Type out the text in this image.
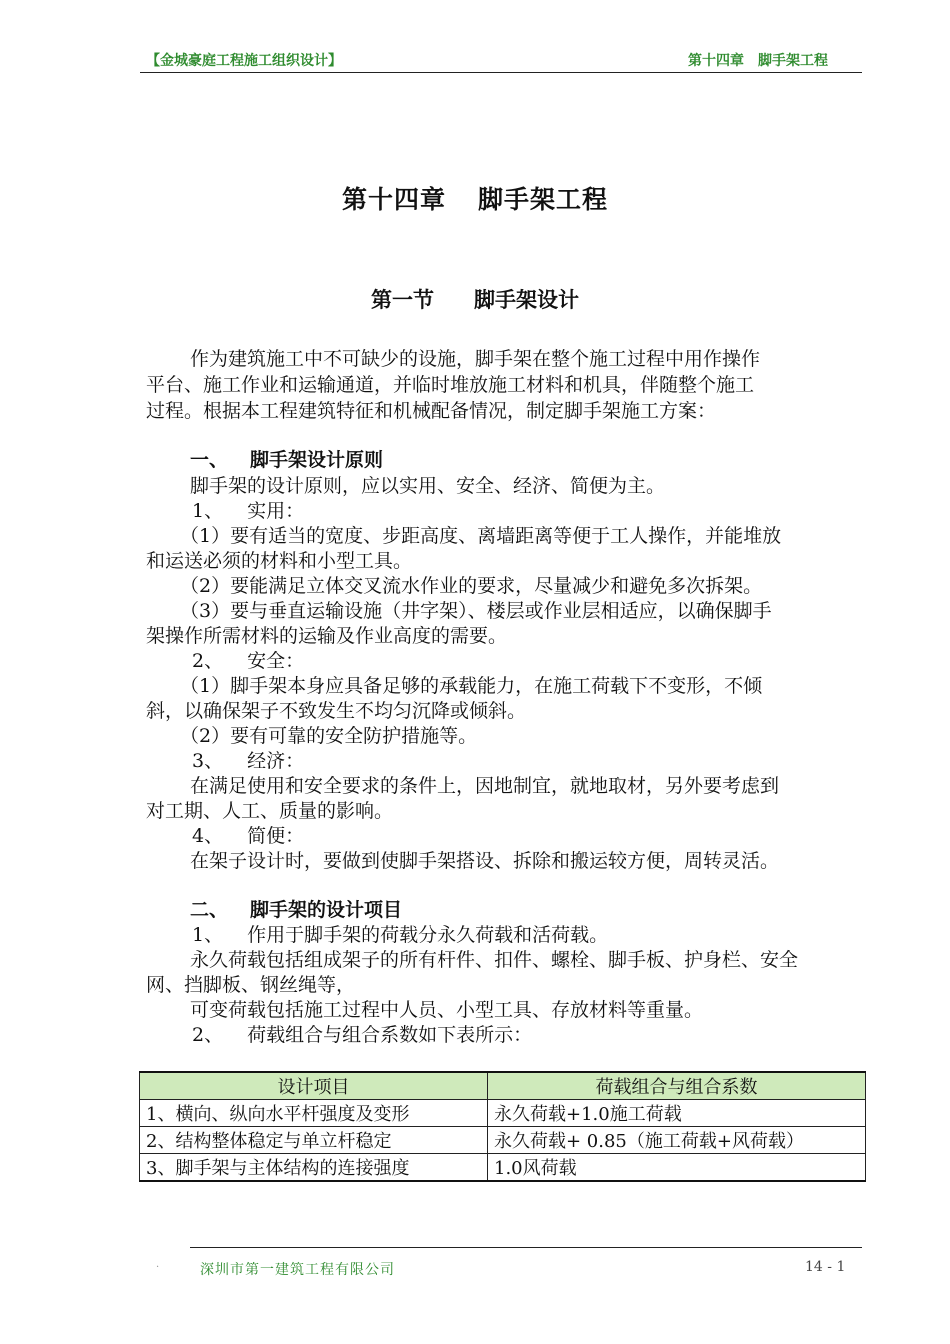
【金城豪庭工程施工组织设计】	第十四章　脚手架工程
第十四章 脚手架工程
第一节 脚手架设计
作为建筑施工中不可缺少的设施，脚手架在整个施工过程中用作操作
平台、施工作业和运输通道，并临时堆放施工材料和机具，伴随整个施工
过程。根据本工程建筑特征和机械配备情况，制定脚手架施工方案：
一、 脚手架设计原则
脚手架的设计原则，应以实用、安全、经济、简便为主。
1、 实用：
（1）要有适当的宽度、步距高度、离墙距离等便于工人操作，并能堆放
和运送必须的材料和小型工具。
（2）要能满足立体交叉流水作业的要求，尽量减少和避免多次拆架。
（3）要与垂直运输设施（井字架）、楼层或作业层相适应，以确保脚手
架操作所需材料的运输及作业高度的需要。
2、 安全：
（1）脚手架本身应具备足够的承载能力，在施工荷载下不变形，不倾
斜，以确保架子不致发生不均匀沉降或倾斜。
（2）要有可靠的安全防护措施等。
3、 经济：
在满足使用和安全要求的条件上，因地制宜，就地取材，另外要考虑到
对工期、人工、质量的影响。
4、 简便：
在架子设计时，要做到使脚手架搭设、拆除和搬运较方便，周转灵活。
二、 脚手架的设计项目
1、 作用于脚手架的荷载分永久荷载和活荷载。
永久荷载包括组成架子的所有杆件、扣件、螺栓、脚手板、护身栏、安全
网、挡脚板、钢丝绳等，
可变荷载包括施工过程中人员、小型工具、存放材料等重量。
2、 荷载组合与组合系数如下表所示：
设计项目	荷载组合与组合系数
1、横向、纵向水平杆强度及变形	永久荷载+1.0施工荷载
2、结构整体稳定与单立杆稳定	永久荷载+ 0.85（施工荷载+风荷载）
3、脚手架与主体结构的连接强度	1.0风荷载
·	深圳市第一建筑工程有限公司	14 - 1
